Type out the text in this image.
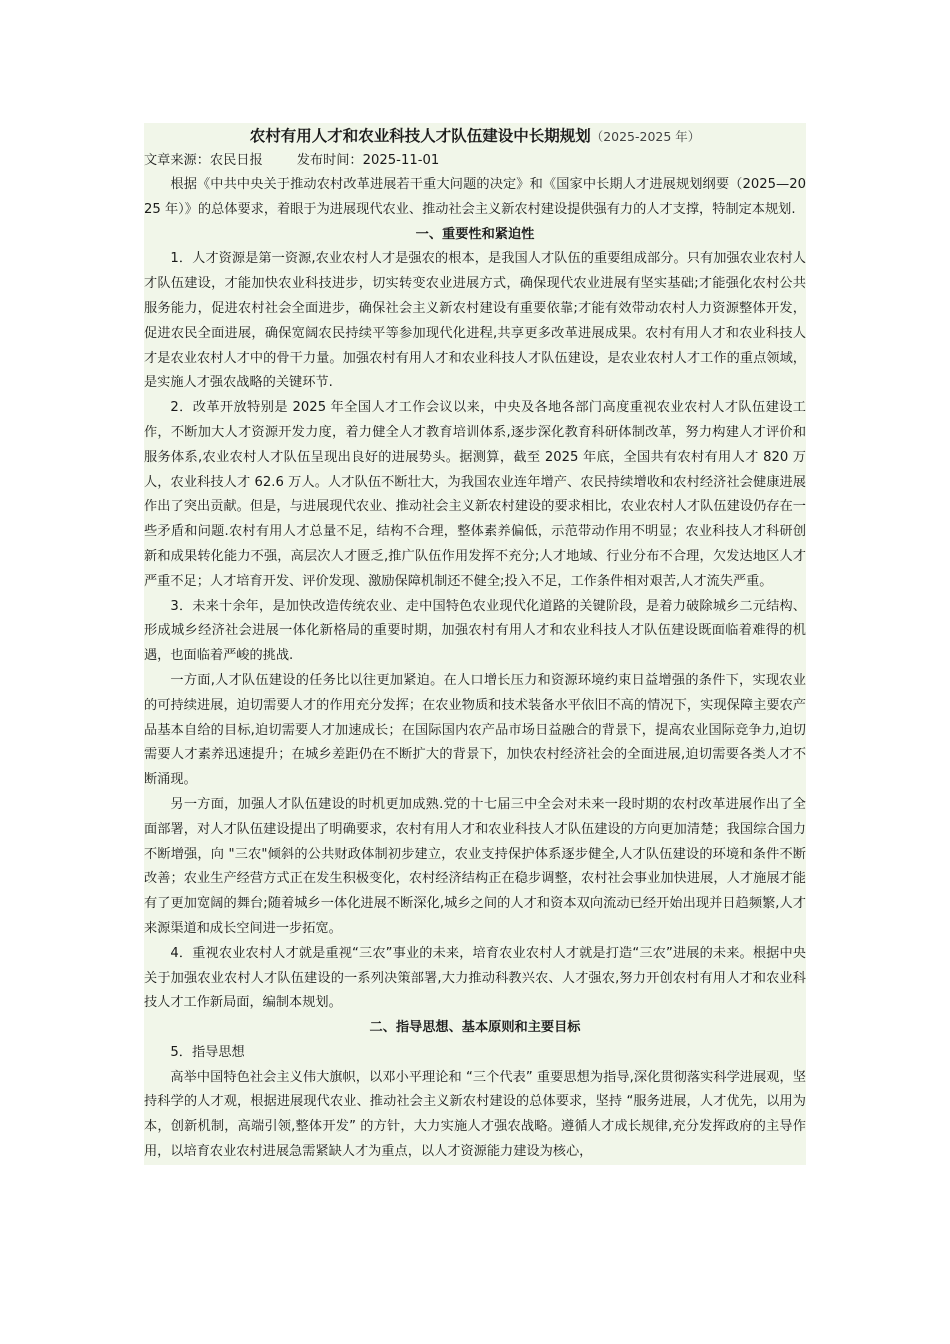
农村有用人才和农业科技人才队伍建设中长期规划（2025-2025 年）
文章来源：农民日报	发布时间：2025-11-01

根据《中共中央关于推动农村改革进展若干重大问题的决定》和《国家中长期人才进展规划纲要（2025—2025 年）》的总体要求，着眼于为进展现代农业、推动社会主义新农村建设提供强有力的人才支撑，特制定本规划.

一、重要性和紧迫性

1．人才资源是第一资源,农业农村人才是强农的根本，是我国人才队伍的重要组成部分。只有加强农业农村人才队伍建设，才能加快农业科技进步，切实转变农业进展方式，确保现代农业进展有坚实基础;才能强化农村公共服务能力，促进农村社会全面进步，确保社会主义新农村建设有重要依靠;才能有效带动农村人力资源整体开发，促进农民全面进展，确保宽阔农民持续平等参加现代化进程,共享更多改革进展成果。农村有用人才和农业科技人才是农业农村人才中的骨干力量。加强农村有用人才和农业科技人才队伍建设，是农业农村人才工作的重点领域，是实施人才强农战略的关键环节.

2．改革开放特别是 2025 年全国人才工作会议以来，中央及各地各部门高度重视农业农村人才队伍建设工作，不断加大人才资源开发力度，着力健全人才教育培训体系,逐步深化教育科研体制改革，努力构建人才评价和服务体系,农业农村人才队伍呈现出良好的进展势头。据测算，截至 2025 年底，全国共有农村有用人才 820 万人，农业科技人才 62.6 万人。人才队伍不断壮大，为我国农业连年增产、农民持续增收和农村经济社会健康进展作出了突出贡献。但是，与进展现代农业、推动社会主义新农村建设的要求相比，农业农村人才队伍建设仍存在一些矛盾和问题.农村有用人才总量不足，结构不合理，整体素养偏低，示范带动作用不明显；农业科技人才科研创新和成果转化能力不强，高层次人才匮乏,推广队伍作用发挥不充分;人才地域、行业分布不合理，欠发达地区人才严重不足；人才培育开发、评价发现、激励保障机制还不健全;投入不足，工作条件相对艰苦,人才流失严重。

3．未来十余年，是加快改造传统农业、走中国特色农业现代化道路的关键阶段，是着力破除城乡二元结构、形成城乡经济社会进展一体化新格局的重要时期，加强农村有用人才和农业科技人才队伍建设既面临着难得的机遇，也面临着严峻的挑战.

一方面,人才队伍建设的任务比以往更加紧迫。在人口增长压力和资源环境约束日益增强的条件下，实现农业的可持续进展，迫切需要人才的作用充分发挥；在农业物质和技术装备水平依旧不高的情况下，实现保障主要农产品基本自给的目标,迫切需要人才加速成长；在国际国内农产品市场日益融合的背景下，提高农业国际竞争力,迫切需要人才素养迅速提升；在城乡差距仍在不断扩大的背景下，加快农村经济社会的全面进展,迫切需要各类人才不断涌现。

另一方面，加强人才队伍建设的时机更加成熟.党的十七届三中全会对未来一段时期的农村改革进展作出了全面部署，对人才队伍建设提出了明确要求，农村有用人才和农业科技人才队伍建设的方向更加清楚；我国综合国力不断增强，向 "三农"倾斜的公共财政体制初步建立，农业支持保护体系逐步健全,人才队伍建设的环境和条件不断改善；农业生产经营方式正在发生积极变化，农村经济结构正在稳步调整，农村社会事业加快进展，人才施展才能有了更加宽阔的舞台;随着城乡一体化进展不断深化,城乡之间的人才和资本双向流动已经开始出现并日趋频繁,人才来源渠道和成长空间进一步拓宽。

4．重视农业农村人才就是重视“三农”事业的未来，培育农业农村人才就是打造“三农”进展的未来。根据中央关于加强农业农村人才队伍建设的一系列决策部署,大力推动科教兴农、人才强农,努力开创农村有用人才和农业科技人才工作新局面，编制本规划。

二、指导思想、基本原则和主要目标

5．指导思想

高举中国特色社会主义伟大旗帜，以邓小平理论和 “三个代表” 重要思想为指导,深化贯彻落实科学进展观，坚持科学的人才观，根据进展现代农业、推动社会主义新农村建设的总体要求，坚持 “服务进展，人才优先，以用为本，创新机制，高端引领,整体开发” 的方针，大力实施人才强农战略。遵循人才成长规律,充分发挥政府的主导作用，以培育农业农村进展急需紧缺人才为重点，以人才资源能力建设为核心，
